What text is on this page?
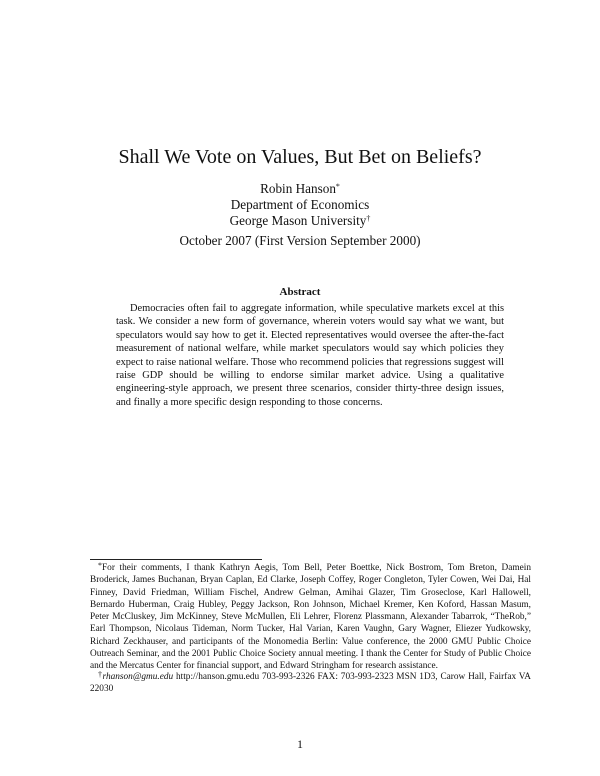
Shall We Vote on Values, But Bet on Beliefs?
Robin Hanson*
Department of Economics
George Mason University†
October 2007 (First Version September 2000)
Abstract

Democracies often fail to aggregate information, while speculative markets excel at this task. We consider a new form of governance, wherein voters would say what we want, but speculators would say how to get it. Elected representatives would oversee the after-the-fact measurement of national welfare, while market speculators would say which policies they expect to raise national welfare. Those who recommend policies that regressions suggest will raise GDP should be willing to endorse similar market advice. Using a qualitative engineering-style approach, we present three scenarios, consider thirty-three design issues, and finally a more specific design responding to those concerns.

*For their comments, I thank Kathryn Aegis, Tom Bell, Peter Boettke, Nick Bostrom, Tom Breton, Damein Broderick, James Buchanan, Bryan Caplan, Ed Clarke, Joseph Coffey, Roger Congleton, Tyler Cowen, Wei Dai, Hal Finney, David Friedman, William Fischel, Andrew Gelman, Amihai Glazer, Tim Groseclose, Karl Hallowell, Bernardo Huberman, Craig Hubley, Peggy Jackson, Ron Johnson, Michael Kremer, Ken Koford, Hassan Masum, Peter McCluskey, Jim McKinney, Steve McMullen, Eli Lehrer, Florenz Plassmann, Alexander Tabarrok, “TheRob,” Earl Thompson, Nicolaus Tideman, Norm Tucker, Hal Varian, Karen Vaughn, Gary Wagner, Eliezer Yudkowsky, Richard Zeckhauser, and participants of the Monomedia Berlin: Value conference, the 2000 GMU Public Choice Outreach Seminar, and the 2001 Public Choice Society annual meeting. I thank the Center for Study of Public Choice and the Mercatus Center for financial support, and Edward Stringham for research assistance.

†rhanson@gmu.edu http://hanson.gmu.edu 703-993-2326 FAX: 703-993-2323 MSN 1D3, Carow Hall, Fairfax VA 22030

1
